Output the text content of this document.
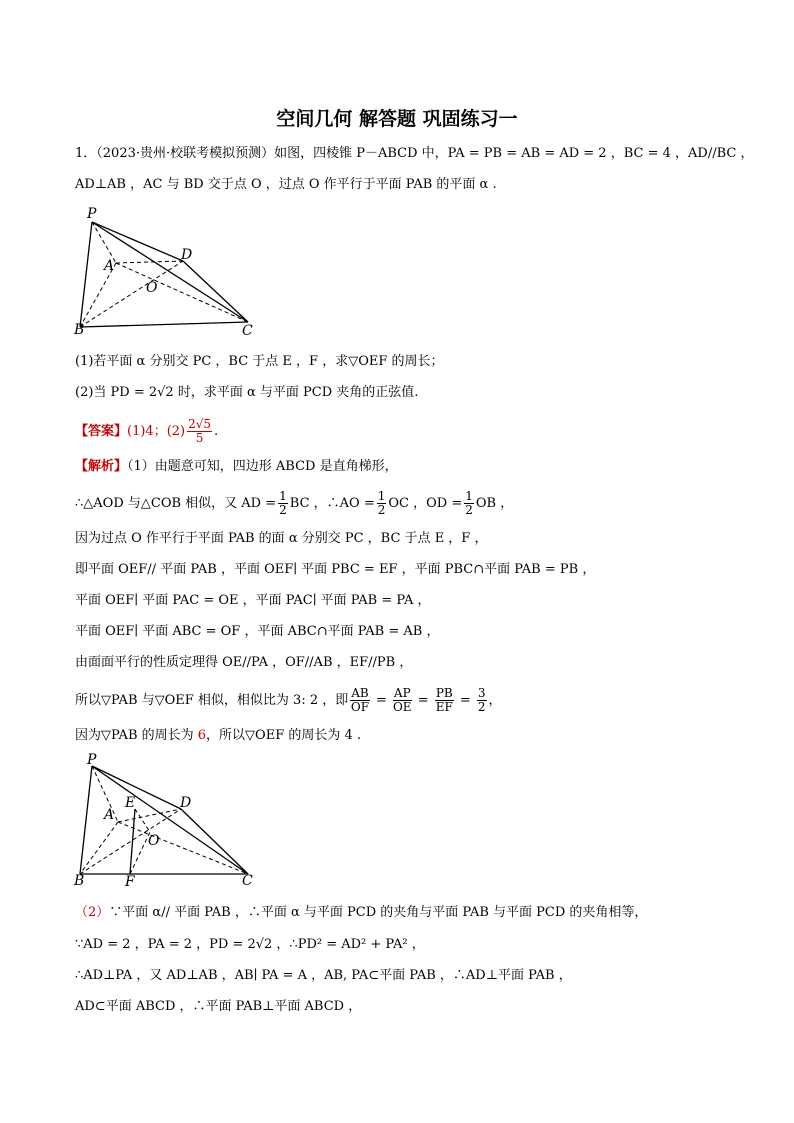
空间几何 解答题 巩固练习一
1．（2023·贵州·校联考模拟预测）如图，四棱锥 P－ABCD 中，PA = PB = AB = AD = 2 ，BC = 4 ，AD//BC ，
AD⊥AB ，AC 与 BD 交于点 O ，过点 O 作平行于平面 PAB 的平面 α .
P
A
D
O
B	C
(1)若平面 α 分别交 PC ，BC 于点 E ，F ，求▽OEF 的周长；
(2)当 PD = 2√2 时，求平面 α 与平面 PCD 夹角的正弦值.
【答案】(1)4；$(2) \frac{2√5}{5}$ .
【解析】（1）由题意可知，四边形 ABCD 是直角梯形，
∴△AOD 与△COB 相似，又 AD = $\frac{1}{2}$ BC ，∴AO = $\frac{1}{2}$ OC ，OD = $\frac{1}{2}$ OB ，
因为过点 O 作平行于平面 PAB 的面 α 分别交 PC ，BC 于点 E ，F ，
即平面 OEF// 平面 PAB ，平面 OEF∣ 平面 PBC = EF ，平面 PBC∩平面 PAB = PB ，
平面 OEF∣ 平面 PAC = OE ，平面 PAC∣ 平面 PAB = PA ，
平面 OEF∣ 平面 ABC = OF ，平面 ABC∩平面 PAB = AB ，
由面面平行的性质定理得 OE//PA ，OF//AB ，EF//PB ，
所以▽PAB 与▽OEF 相似，相似比为 3: 2 ，即 $\frac{AB}{OF} = \frac{AP}{OE} = \frac{PB}{EF} = \frac{3}{2}$ ，
因为▽PAB 的周长为 6，所以▽OEF 的周长为 4 .
P
E
A
D
O
B	F	C
（2）∵平面 α// 平面 PAB ，∴平面 α 与平面 PCD 的夹角与平面 PAB 与平面 PCD 的夹角相等，
∵AD = 2 ，PA = 2 ，PD = 2√2 ，∴PD² = AD² + PA² ，
∴AD⊥PA ，又 AD⊥AB ，AB∣ PA = A ，AB, PA⊂平面 PAB ，∴AD⊥平面 PAB ，
AD⊂平面 ABCD ，∴平面 PAB⊥平面 ABCD ，
